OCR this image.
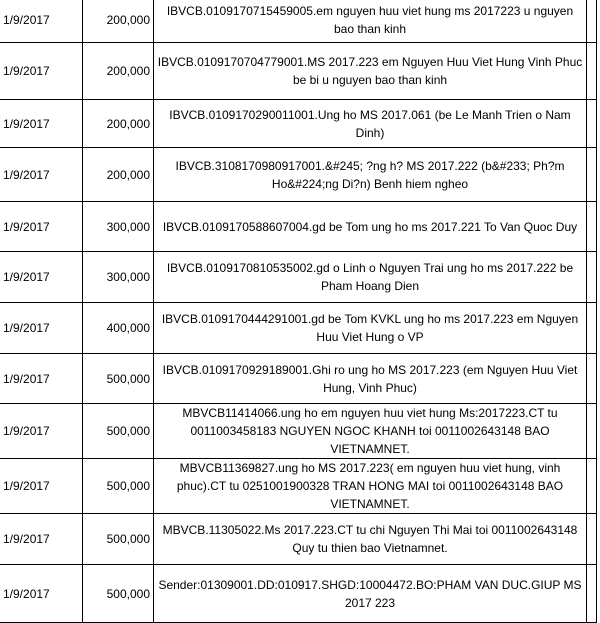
1/9/2017	200,000	IBVCB.0109170715459005.em nguyen huu viet hung ms 2017223 u nguyen bao than kinh	
1/9/2017	200,000	IBVCB.0109170704779001.MS 2017.223 em Nguyen Huu Viet Hung Vinh Phuc be bi u nguyen bao than kinh	
1/9/2017	200,000	IBVCB.0109170290011001.Ung ho MS 2017.061 (be Le Manh Trien o Nam Dinh)	
1/9/2017	200,000	IBVCB.3108170980917001.&#245; ?ng h? MS 2017.222 (b&#233; Ph?m Ho&#224;ng Di?n) Benh hiem ngheo	
1/9/2017	300,000	IBVCB.0109170588607004.gd be Tom ung ho ms 2017.221 To Van Quoc Duy	
1/9/2017	300,000	IBVCB.0109170810535002.gd o Linh o Nguyen Trai ung ho ms 2017.222 be Pham Hoang Dien	
1/9/2017	400,000	IBVCB.0109170444291001.gd be Tom KVKL ung ho ms 2017.223 em Nguyen Huu Viet Hung o VP	
1/9/2017	500,000	IBVCB.0109170929189001.Ghi ro ung ho MS 2017.223 (em Nguyen Huu Viet Hung, Vinh Phuc)	
1/9/2017	500,000	MBVCB11414066.ung ho em nguyen huu viet hung Ms:2017223.CT tu 0011003458183 NGUYEN NGOC KHANH toi 0011002643148 BAO VIETNAMNET.	
1/9/2017	500,000	MBVCB11369827.ung ho MS 2017.223( em nguyen huu viet hung, vinh phuc).CT tu 0251001900328 TRAN HONG MAI toi 0011002643148 BAO VIETNAMNET.	
1/9/2017	500,000	MBVCB.11305022.Ms 2017.223.CT tu chi Nguyen Thi Mai toi 0011002643148 Quy tu thien bao Vietnamnet.	
1/9/2017	500,000	Sender:01309001.DD:010917.SHGD:10004472.BO:PHAM VAN DUC.GIUP MS 2017 223	
